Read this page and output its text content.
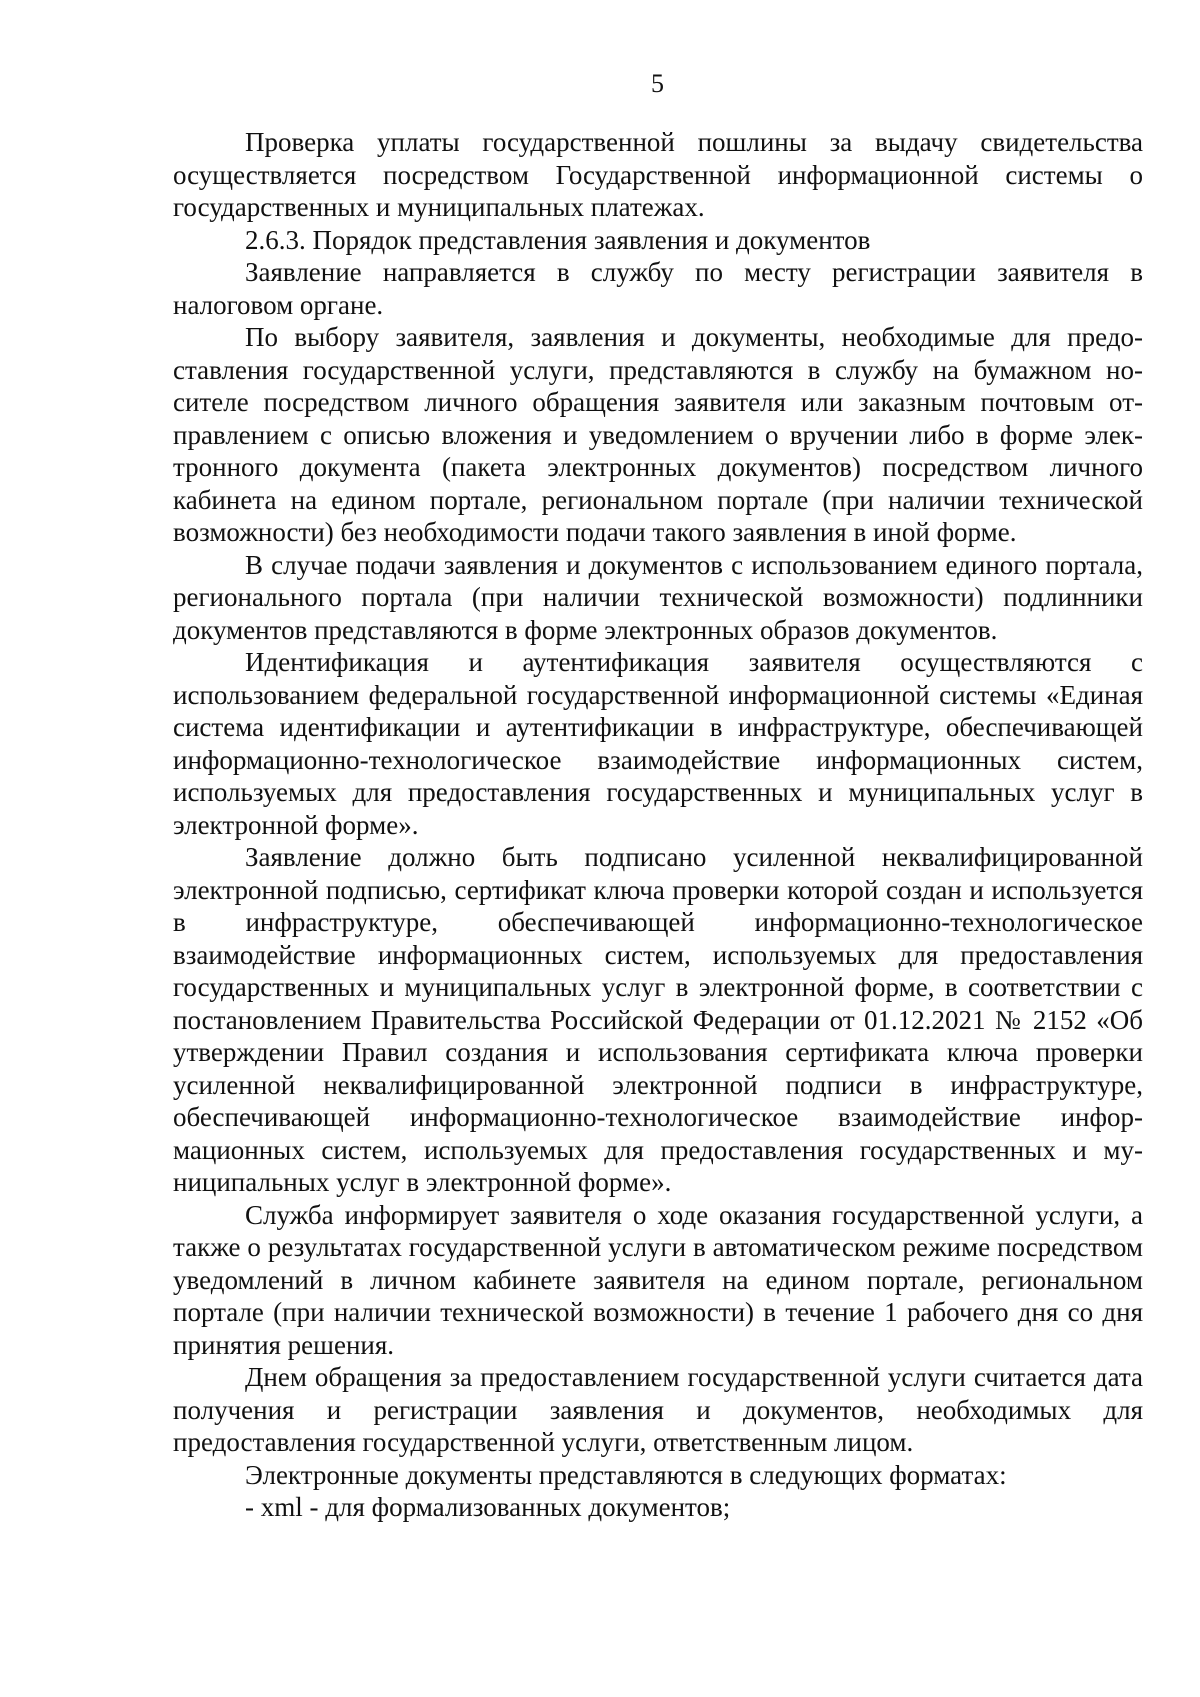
5

Проверка уплаты государственной пошлины за выдачу свидетельства осуществляется посредством Государственной информационной системы о государственных и муниципальных платежах.

2.6.3. Порядок представления заявления и документов

Заявление направляется в службу по месту регистрации заявителя в налоговом органе.

По выбору заявителя, заявления и документы, необходимые для предоставления государственной услуги, представляются в службу на бумажном носителе посредством личного обращения заявителя или заказным почтовым отправлением с описью вложения и уведомлением о вручении либо в форме электронного документа (пакета электронных документов) посредством личного кабинета на едином портале, региональном портале (при наличии технической возможности) без необходимости подачи такого заявления в иной форме.

В случае подачи заявления и документов с использованием единого портала, регионального портала (при наличии технической возможности) подлинники документов представляются в форме электронных образов документов.

Идентификация и аутентификация заявителя осуществляются с использованием федеральной государственной информационной системы «Единая система идентификации и аутентификации в инфраструктуре, обеспечивающей информационно-технологическое взаимодействие информационных систем, используемых для предоставления государственных и муниципальных услуг в электронной форме».

Заявление должно быть подписано усиленной неквалифицированной электронной подписью, сертификат ключа проверки которой создан и используется в инфраструктуре, обеспечивающей информационно-технологическое взаимодействие информационных систем, используемых для предоставления государственных и муниципальных услуг в электронной форме, в соответствии с постановлением Правительства Российской Федерации от 01.12.2021 № 2152 «Об утверждении Правил создания и использования сертификата ключа проверки усиленной неквалифицированной электронной подписи в инфраструктуре, обеспечивающей информационно-технологическое взаимодействие информационных систем, используемых для предоставления государственных и муниципальных услуг в электронной форме».

Служба информирует заявителя о ходе оказания государственной услуги, а также о результатах государственной услуги в автоматическом режиме посредством уведомлений в личном кабинете заявителя на едином портале, региональном портале (при наличии технической возможности) в течение 1 рабочего дня со дня принятия решения.

Днем обращения за предоставлением государственной услуги считается дата получения и регистрации заявления и документов, необходимых для предоставления государственной услуги, ответственным лицом.

Электронные документы представляются в следующих форматах:

- xml - для формализованных документов;
